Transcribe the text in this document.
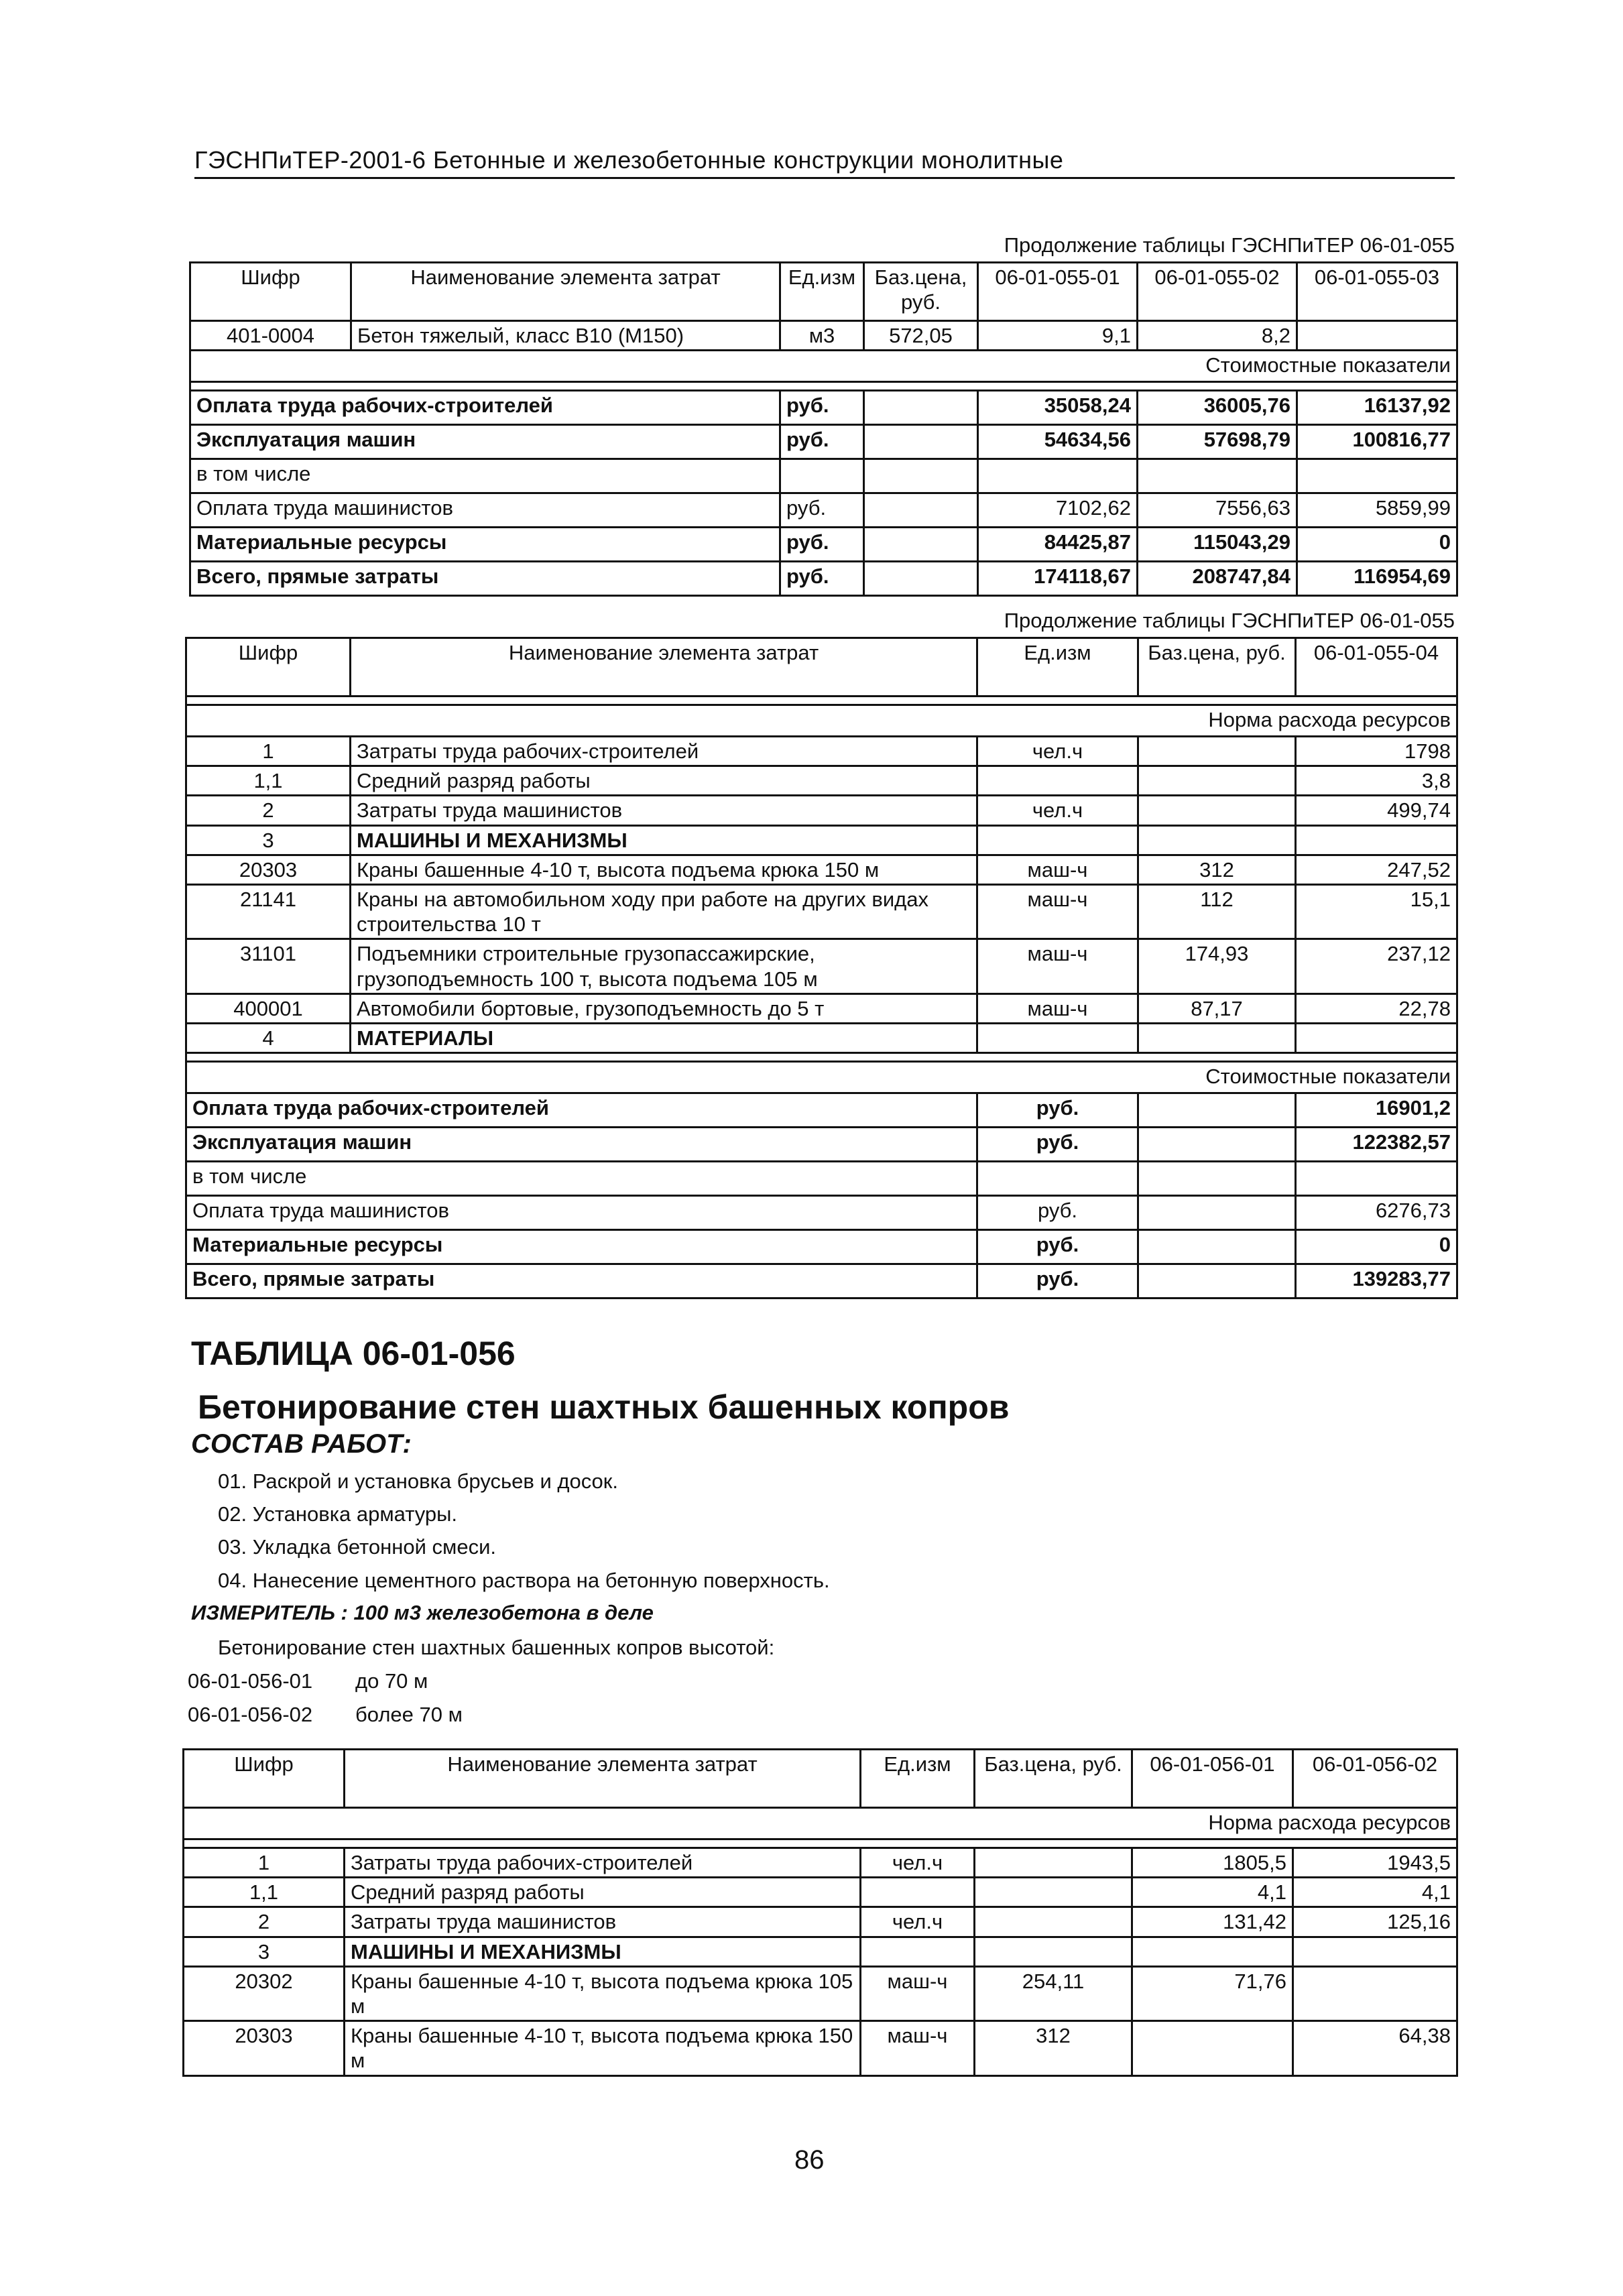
ГЭСНПиТЕР-2001-6 Бетонные и железобетонные конструкции монолитные
Продолжение таблицы ГЭСНПиТЕР 06-01-055
Шифр	Наименование элемента затрат	Ед.изм	Баз.цена, руб.	06-01-055-01	06-01-055-02	06-01-055-03
401-0004	Бетон тяжелый, класс В10 (М150)	м3	572,05	9,1	8,2	
Стоимостные показатели						

Оплата труда рабочих-строителей		руб.		35058,24	36005,76	16137,92
Эксплуатация машин		руб.		54634,56	57698,79	100816,77
в том числе						
Оплата труда машинистов		руб.		7102,62	7556,63	5859,99
Материальные ресурсы		руб.		84425,87	115043,29	0
Всего, прямые затраты		руб.		174118,67	208747,84	116954,69
Продолжение таблицы ГЭСНПиТЕР 06-01-055
Шифр	Наименование элемента затрат	Ед.изм	Баз.цена, руб.	06-01-055-04

Норма расхода ресурсов				
1	Затраты труда рабочих-строителей	чел.ч		1798
1,1	Средний разряд работы			3,8
2	Затраты труда машинистов	чел.ч		499,74
3	МАШИНЫ И МЕХАНИЗМЫ			
20303	Краны башенные 4-10 т, высота подъема крюка 150 м	маш-ч	312	247,52
21141	Краны на автомобильном ходу при работе на других видах строительства 10 т	маш-ч	112	15,1
31101	Подъемники строительные грузопассажирские, грузоподъемность 100 т, высота подъема 105 м	маш-ч	174,93	237,12
400001	Автомобили бортовые, грузоподъемность до 5 т	маш-ч	87,17	22,78
4	МАТЕРИАЛЫ			

Стоимостные показатели				
Оплата труда рабочих-строителей		руб.		16901,2
Эксплуатация машин		руб.		122382,57
в том числе				
Оплата труда машинистов		руб.		6276,73
Материальные ресурсы		руб.		0
Всего, прямые затраты		руб.		139283,77
ТАБЛИЦА 06-01-056
Бетонирование стен шахтных башенных копров
СОСТАВ РАБОТ:
01. Раскрой и установка брусьев и досок.
02. Установка арматуры.
03. Укладка бетонной смеси.
04. Нанесение цементного раствора на бетонную поверхность.
ИЗМЕРИТЕЛЬ : 100 м3 железобетона в деле
Бетонирование стен шахтных башенных копров высотой:
06-01-056-01 до 70 м
06-01-056-02 более 70 м
Шифр	Наименование элемента затрат	Ед.изм	Баз.цена, руб.	06-01-056-01	06-01-056-02
Норма расхода ресурсов					

1	Затраты труда рабочих-строителей	чел.ч		1805,5	1943,5
1,1	Средний разряд работы			4,1	4,1
2	Затраты труда машинистов	чел.ч		131,42	125,16
3	МАШИНЫ И МЕХАНИЗМЫ				
20302	Краны башенные 4-10 т, высота подъема крюка 105 м	маш-ч	254,11	71,76	
20303	Краны башенные 4-10 т, высота подъема крюка 150 м	маш-ч	312		64,38
86
